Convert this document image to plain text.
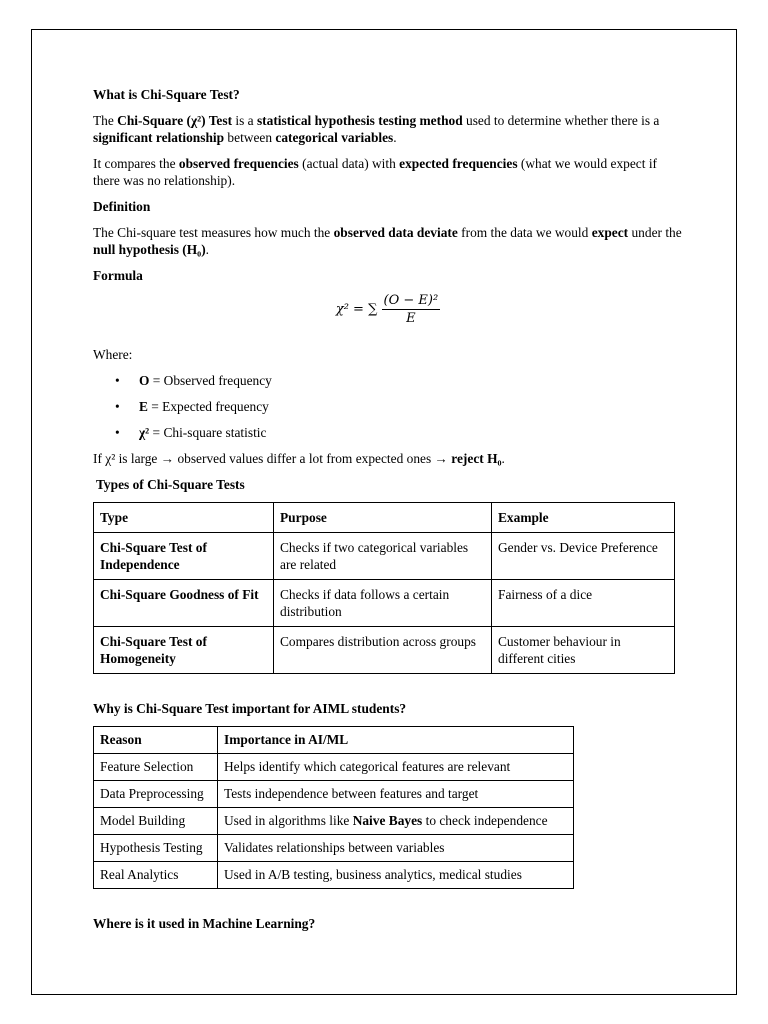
What is Chi-Square Test?

The Chi-Square (χ²) Test is a statistical hypothesis testing method used to determine whether there is a significant relationship between categorical variables.

It compares the observed frequencies (actual data) with expected frequencies (what we would expect if there was no relationship).

Definition

The Chi-square test measures how much the observed data deviate from the data we would expect under the null hypothesis (H₀).

Formula
χ² = ∑ $\frac{\text{(O − E)²}}{E}$

Where:

• O = Observed frequency
• E = Expected frequency
• χ² = Chi-square statistic

If χ² is large → observed values differ a lot from expected ones → reject H₀.

Types of Chi-Square Tests
Type	Purpose	Example
Chi-Square Test of Independence	Checks if two categorical variables are related	Gender vs. Device Preference
Chi-Square Goodness of Fit	Checks if data follows a certain distribution	Fairness of a dice
Chi-Square Test of Homogeneity	Compares distribution across groups	Customer behaviour in different cities
Why is Chi-Square Test important for AIML students?
Reason	Importance in AI/ML
Feature Selection	Helps identify which categorical features are relevant
Data Preprocessing	Tests independence between features and target
Model Building	Used in algorithms like Naive Bayes to check independence
Hypothesis Testing	Validates relationships between variables
Real Analytics	Used in A/B testing, business analytics, medical studies
Where is it used in Machine Learning?
